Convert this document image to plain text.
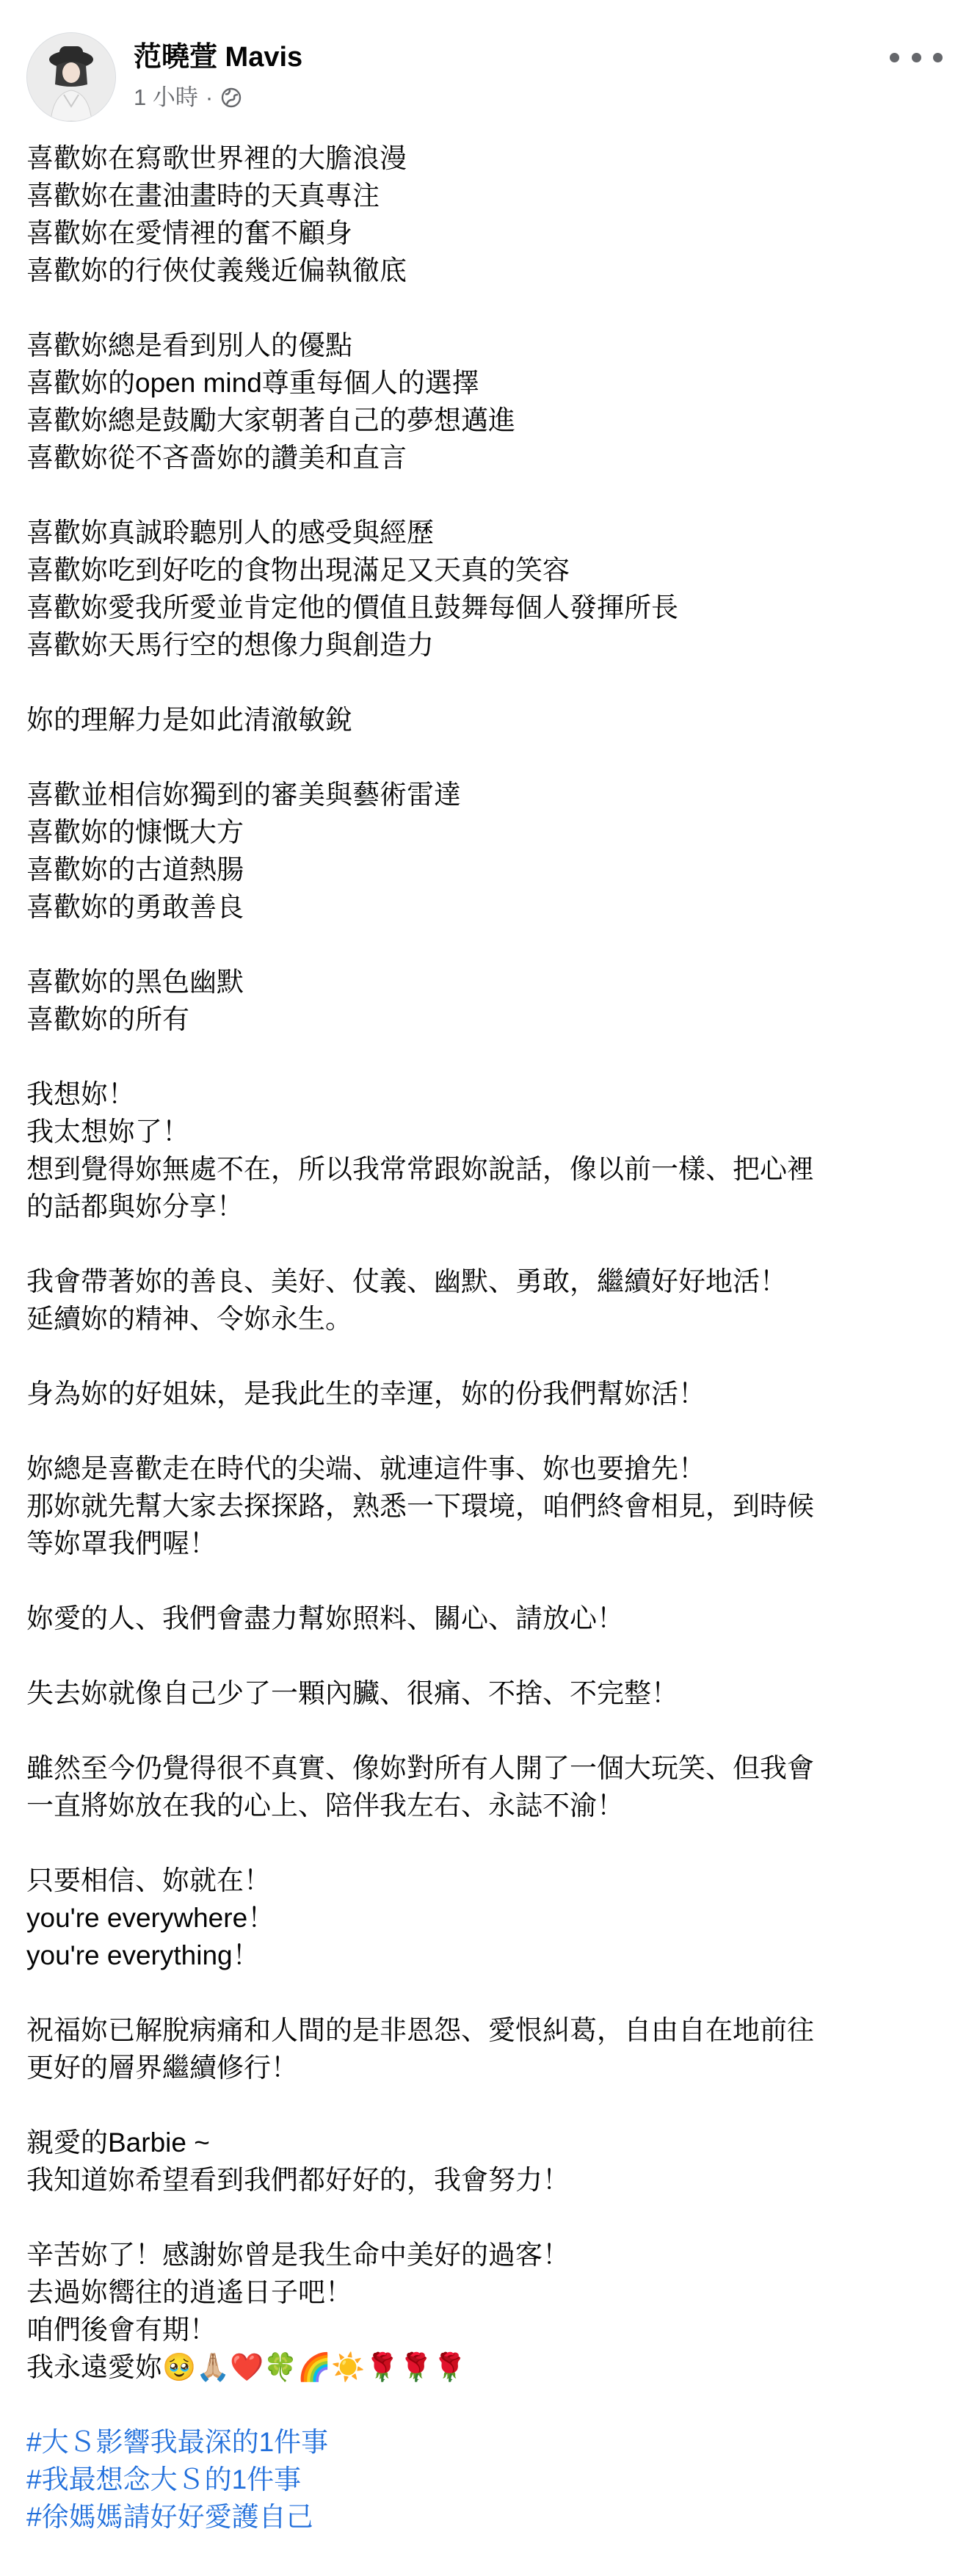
范曉萱 Mavis
1 小時 ·

喜歡妳在寫歌世界裡的大膽浪漫
喜歡妳在畫油畫時的天真專注
喜歡妳在愛情裡的奮不顧身
喜歡妳的行俠仗義幾近偏執徹底

喜歡妳總是看到別人的優點
喜歡妳的open mind尊重每個人的選擇
喜歡妳總是鼓勵大家朝著自己的夢想邁進
喜歡妳從不吝嗇妳的讚美和直言

喜歡妳真誠聆聽別人的感受與經歷
喜歡妳吃到好吃的食物出現滿足又天真的笑容
喜歡妳愛我所愛並肯定他的價值且鼓舞每個人發揮所長
喜歡妳天馬行空的想像力與創造力

妳的理解力是如此清澈敏銳

喜歡並相信妳獨到的審美與藝術雷達
喜歡妳的慷慨大方
喜歡妳的古道熱腸
喜歡妳的勇敢善良

喜歡妳的黑色幽默
喜歡妳的所有

我想妳！
我太想妳了！
想到覺得妳無處不在，所以我常常跟妳說話，像以前一樣、把心裡
的話都與妳分享！

我會帶著妳的善良、美好、仗義、幽默、勇敢，繼續好好地活！
延續妳的精神、令妳永生。

身為妳的好姐妹，是我此生的幸運，妳的份我們幫妳活！

妳總是喜歡走在時代的尖端、就連這件事、妳也要搶先！
那妳就先幫大家去探探路，熟悉一下環境，咱們終會相見，到時候
等妳罩我們喔！

妳愛的人、我們會盡力幫妳照料、關心、請放心！

失去妳就像自己少了一顆內臟、很痛、不捨、不完整！

雖然至今仍覺得很不真實、像妳對所有人開了一個大玩笑、但我會
一直將妳放在我的心上、陪伴我左右、永誌不渝！

只要相信、妳就在！
you're everywhere！
you're everything！

祝福妳已解脫病痛和人間的是非恩怨、愛恨糾葛，自由自在地前往
更好的層界繼續修行！

親愛的Barbie ~
我知道妳希望看到我們都好好的，我會努力！

辛苦妳了！感謝妳曾是我生命中美好的過客！
去過妳嚮往的逍遙日子吧！
咱們後會有期！

我永遠愛妳🥹🙏🏼❤️🍀🌈☀️🌹🌹🌹

#大Ｓ影響我最深的1件事
#我最想念大Ｓ的1件事
#徐媽媽請好好愛護自己
